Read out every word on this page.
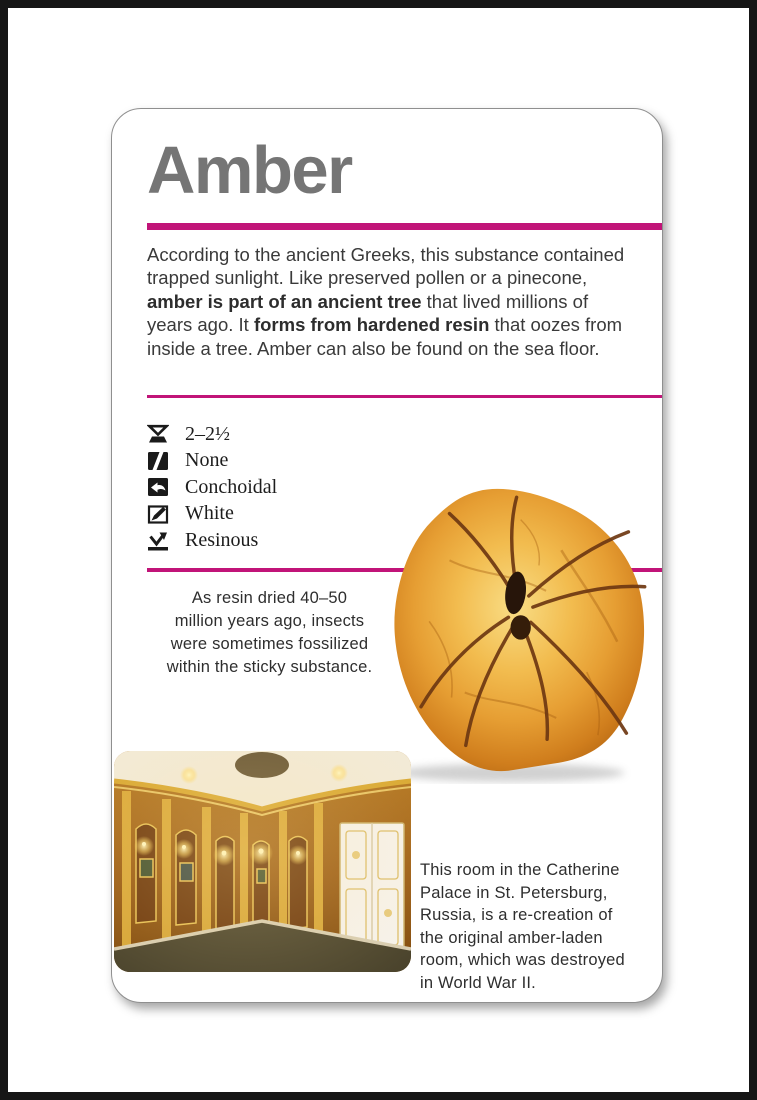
Amber

According to the ancient Greeks, this substance contained trapped sunlight. Like preserved pollen or a pinecone, amber is part of an ancient tree that lived millions of years ago. It forms from hardened resin that oozes from inside a tree. Amber can also be found on the sea floor.

2–2½
None
Conchoidal
White
Resinous
As resin dried 40–50
million years ago, insects
were sometimes fossilized
within the sticky substance.
This room in the Catherine
Palace in St. Petersburg,
Russia, is a re-creation of
the original amber-laden
room, which was destroyed
in World War II.
